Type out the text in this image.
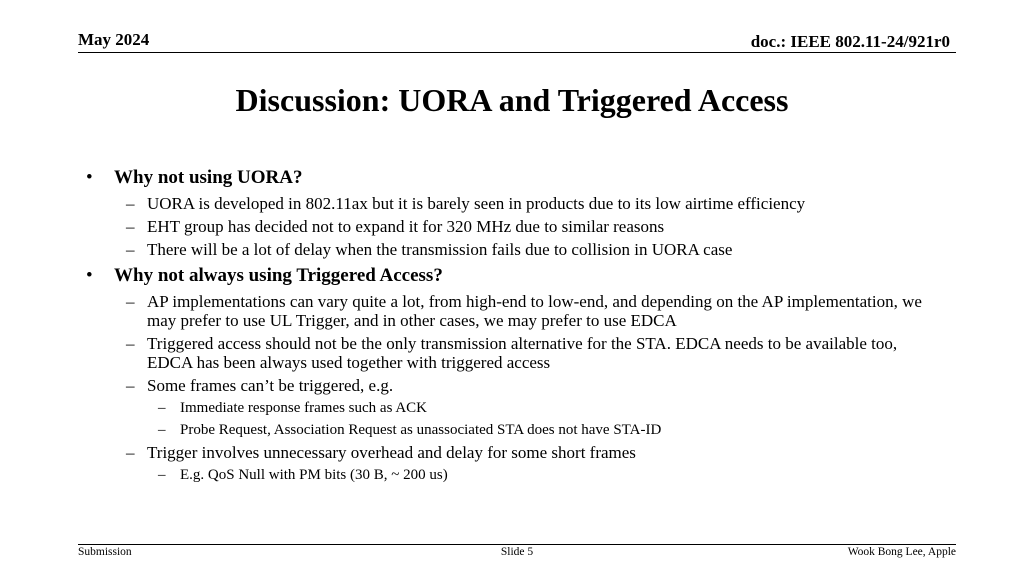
May 2024	doc.: IEEE 802.11-24/921r0
Discussion: UORA and Triggered Access
• Why not using UORA?
– UORA is developed in 802.11ax but it is barely seen in products due to its low airtime efficiency
– EHT group has decided not to expand it for 320 MHz due to similar reasons
– There will be a lot of delay when the transmission fails due to collision in UORA case
• Why not always using Triggered Access?
– AP implementations can vary quite a lot, from high-end to low-end, and depending on the AP implementation, we may prefer to use UL Trigger, and in other cases, we may prefer to use EDCA
– Triggered access should not be the only transmission alternative for the STA. EDCA needs to be available too, EDCA has been always used together with triggered access
– Some frames can’t be triggered, e.g.
– Immediate response frames such as ACK
– Probe Request, Association Request as unassociated STA does not have STA-ID
– Trigger involves unnecessary overhead and delay for some short frames
– E.g. QoS Null with PM bits (30 B, ~ 200 us)
Submission	Slide 5	Wook Bong Lee, Apple
